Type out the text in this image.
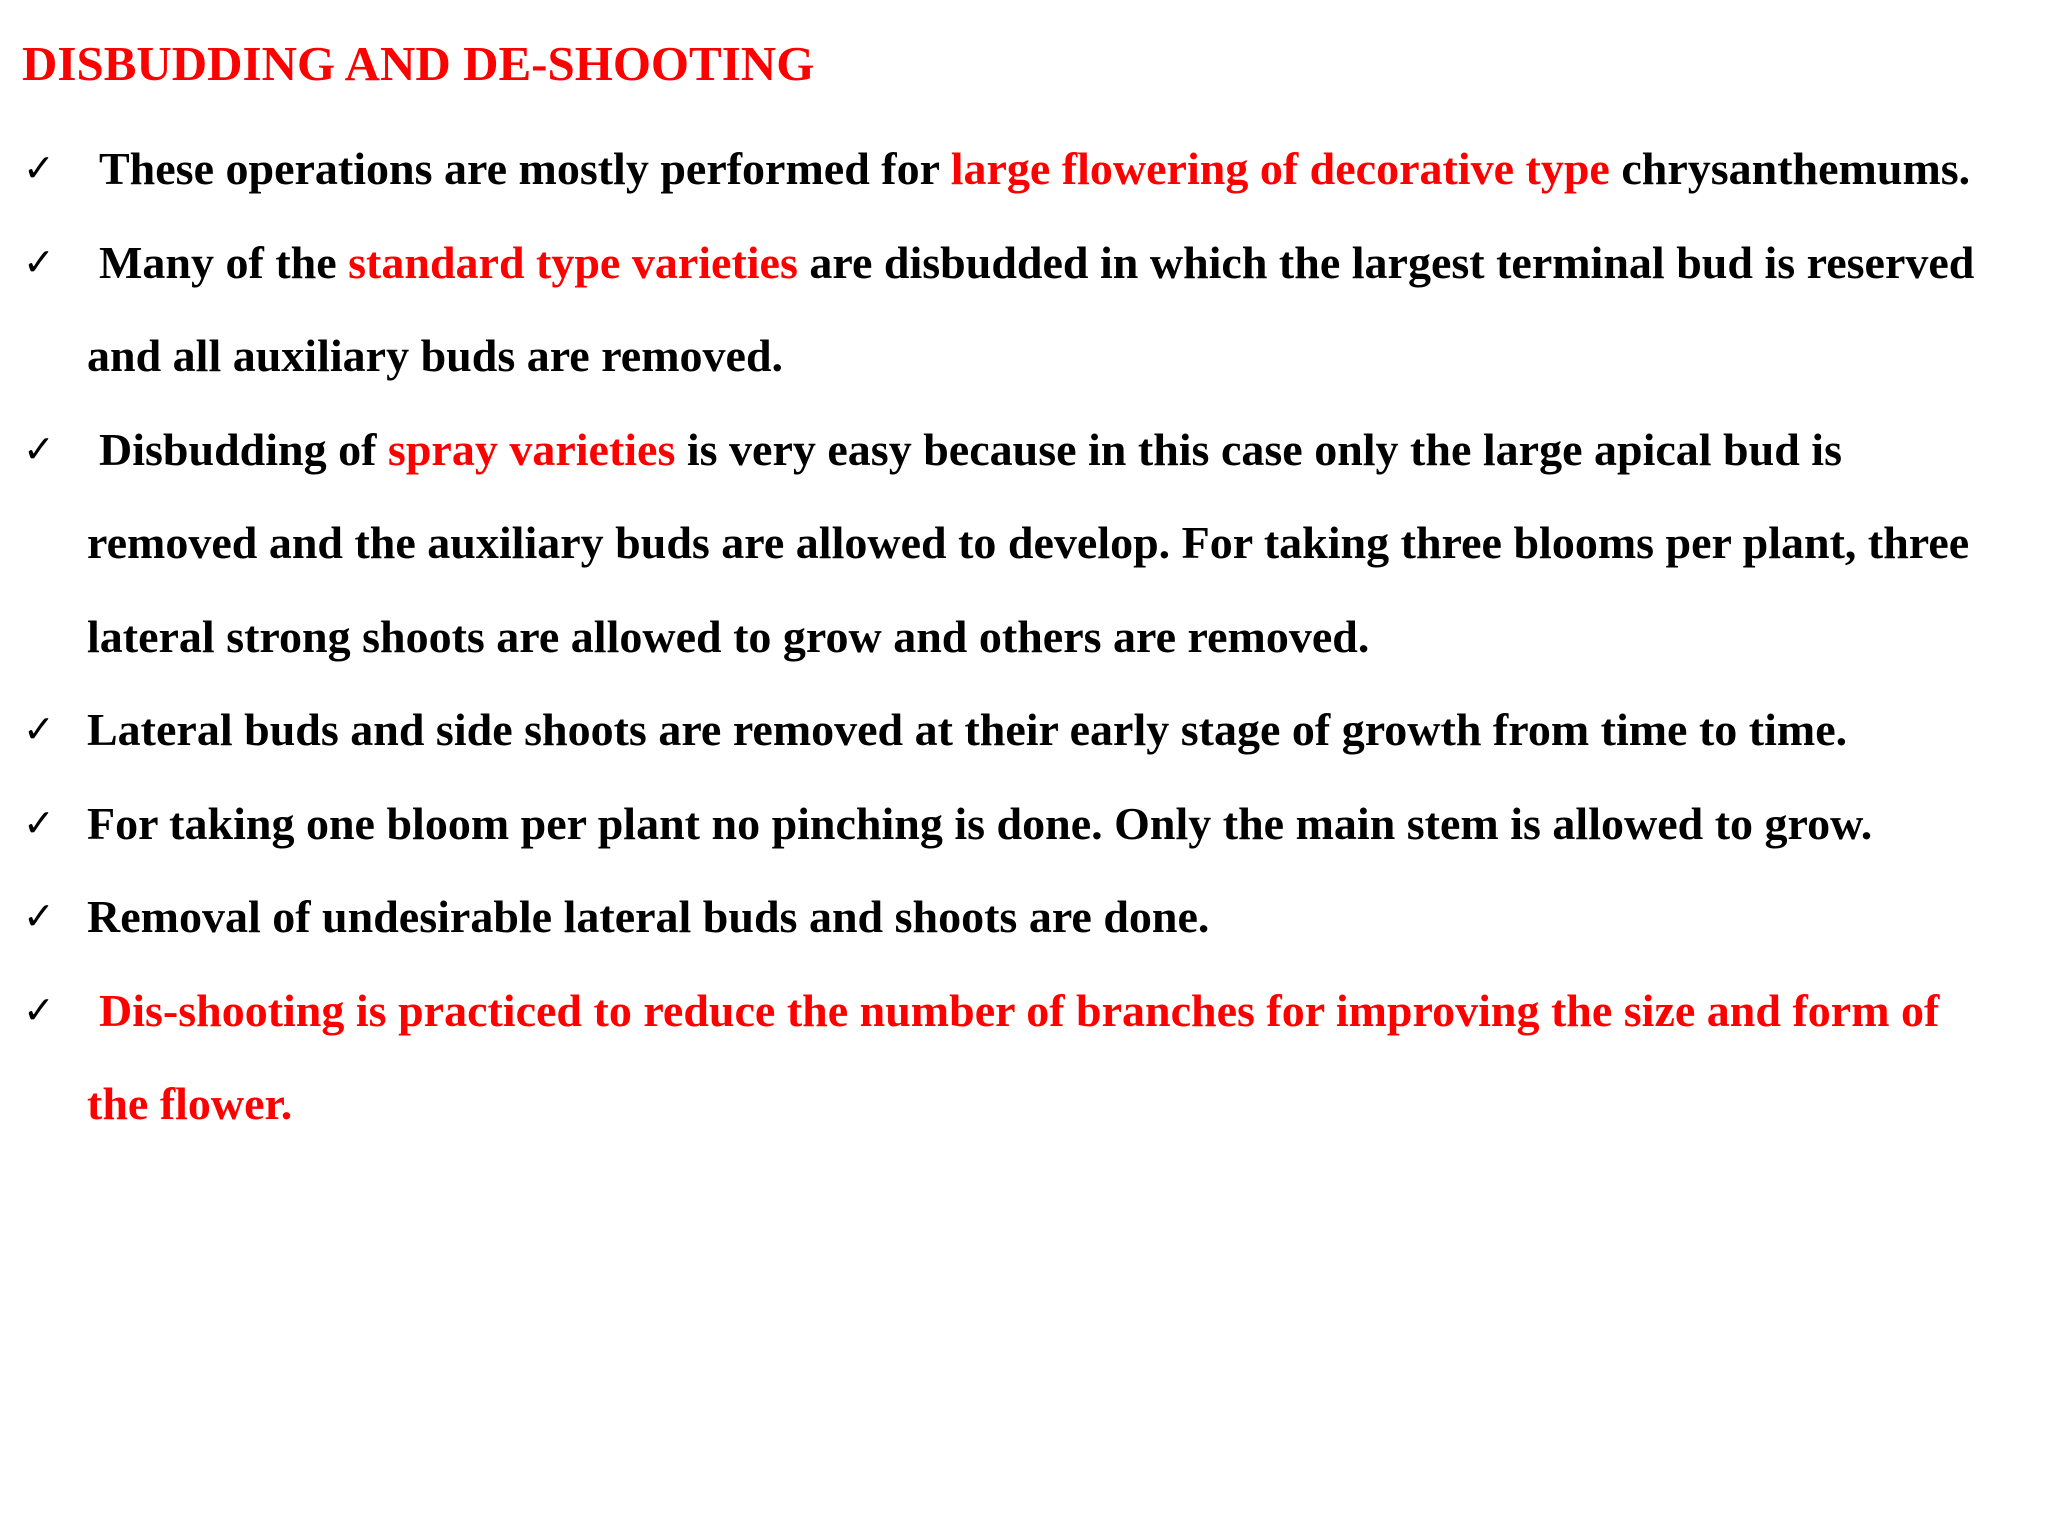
DISBUDDING AND DE-SHOOTING
✓ These operations are mostly performed for large flowering of decorative type chrysanthemums.
✓ Many of the standard type varieties are disbudded in which the largest terminal bud is reserved and all auxiliary buds are removed.
✓ Disbudding of spray varieties is very easy because in this case only the large apical bud is removed and the auxiliary buds are allowed to develop. For taking three blooms per plant, three lateral strong shoots are allowed to grow and others are removed.
✓ Lateral buds and side shoots are removed at their early stage of growth from time to time.
✓ For taking one bloom per plant no pinching is done. Only the main stem is allowed to grow.
✓ Removal of undesirable lateral buds and shoots are done.
✓ Dis-shooting is practiced to reduce the number of branches for improving the size and form of the flower.
